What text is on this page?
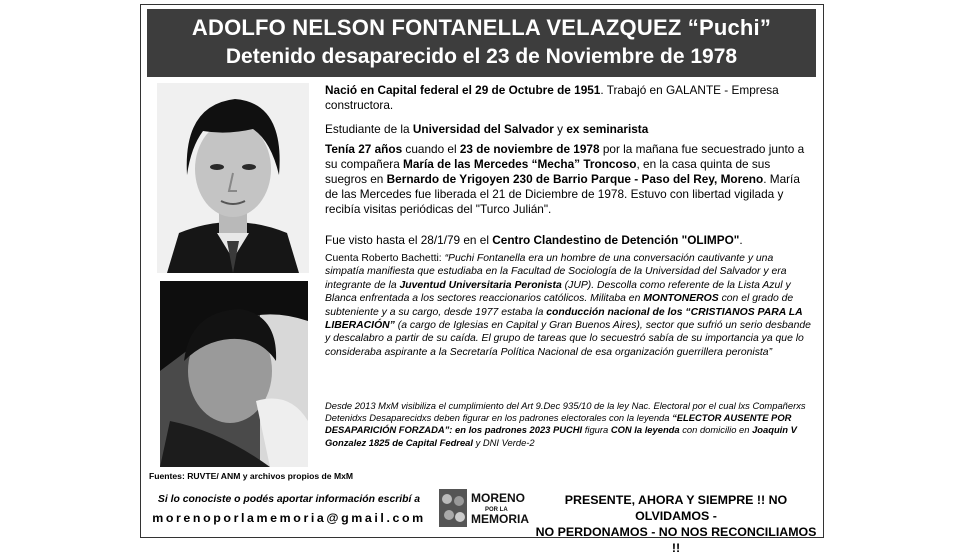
ADOLFO NELSON FONTANELLA VELAZQUEZ “Puchi”
Detenido desaparecido el 23 de Noviembre de 1978

Nació en Capital federal el 29 de Octubre de 1951. Trabajó en GALANTE - Empresa constructora.

Estudiante de la Universidad del Salvador y ex seminarista

Tenía 27 años cuando el 23 de noviembre de 1978 por la mañana fue secuestrado junto a su compañera María de las Mercedes “Mecha” Troncoso, en la casa quinta de sus suegros en Bernardo de Yrigoyen 230 de Barrio Parque - Paso del Rey, Moreno. María de las Mercedes fue liberada el 21 de Diciembre de 1978. Estuvo con libertad vigilada y recibía visitas periódicas del "Turco Julián".

Fue visto hasta el 28/1/79 en el Centro Clandestino de Detención "OLIMPO".

Cuenta Roberto Bachetti: “Puchi Fontanella era un hombre de una conversación cautivante y una simpatía manifiesta que estudiaba en la Facultad de Sociología de la Universidad del Salvador y era integrante de la Juventud Universitaria Peronista (JUP). Descolla como referente de la Lista Azul y Blanca enfrentada a los sectores reaccionarios católicos. Militaba en MONTONEROS con el grado de subteniente y a su cargo, desde 1977 estaba la conducción nacional de los “CRISTIANOS PARA LA LIBERACIÓN” (a cargo de Iglesias en Capital y Gran Buenos Aires), sector que sufrió un serio desbande y descalabro a partir de su caída. El grupo de tareas que lo secuestró sabía de su importancia ya que lo consideraba aspirante a la Secretaría Política Nacional de esa organización guerrillera peronista”

Desde 2013 MxM visibiliza el cumplimiento del Art 9.Dec 935/10 de la ley Nac. Electoral por el cual lxs Compañerxs Detenidxs Desaparecidxs deben figurar en los padrones electorales con la leyenda “ELECTOR AUSENTE POR DESAPARICIÓN FORZADA”: en los padrones 2023 PUCHI figura CON la leyenda con domicilio en Joaquin V Gonzalez 1825 de Capital Fedreal y DNI Verde-2

Fuentes: RUVTE/ ANM y archivos propios de MxM
Si lo conociste o podés aportar información escribí a
morenoporlamemoria@gmail.com
MORENO
POR LA
MEMORIA
PRESENTE, AHORA Y SIEMPRE !! NO OLVIDAMOS -
NO PERDONAMOS - NO NOS RECONCILIAMOS !!
